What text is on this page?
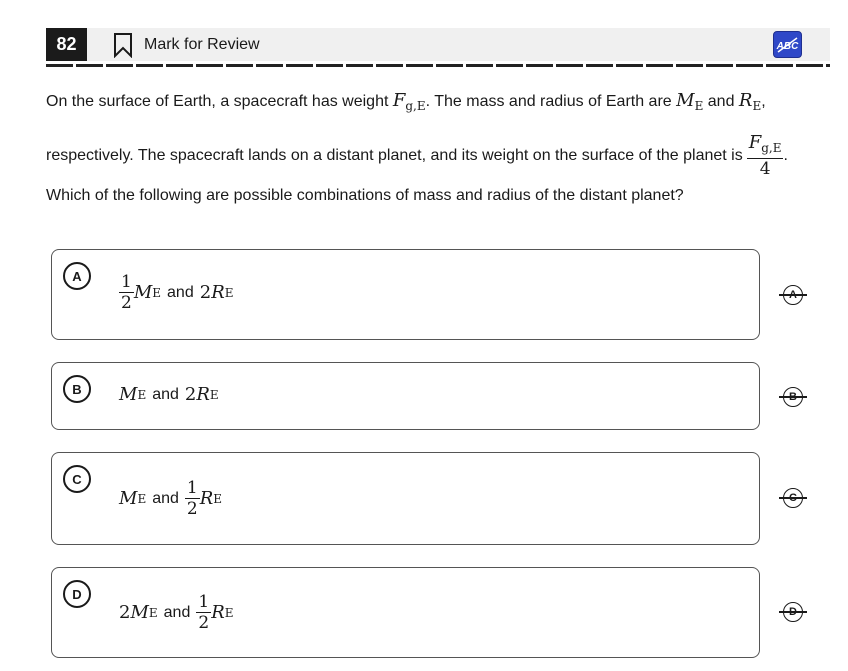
82	Mark for Review	ABC
On the surface of Earth, a spacecraft has weight $F_{g,E}$. The mass and radius of Earth are $M_E$ and $R_E$,
respectively. The spacecraft lands on a distant planet, and its weight on the surface of the planet is $\frac{F_{g,E}}{4}$ .
Which of the following are possible combinations of mass and radius of the distant planet?
A	$\frac{1}{2}$ M E and 2 R E
B	M E and 2 R E
C
M E and $\frac{1}{2}$ R E
D
2 M E and $\frac{1}{2}$ R E
